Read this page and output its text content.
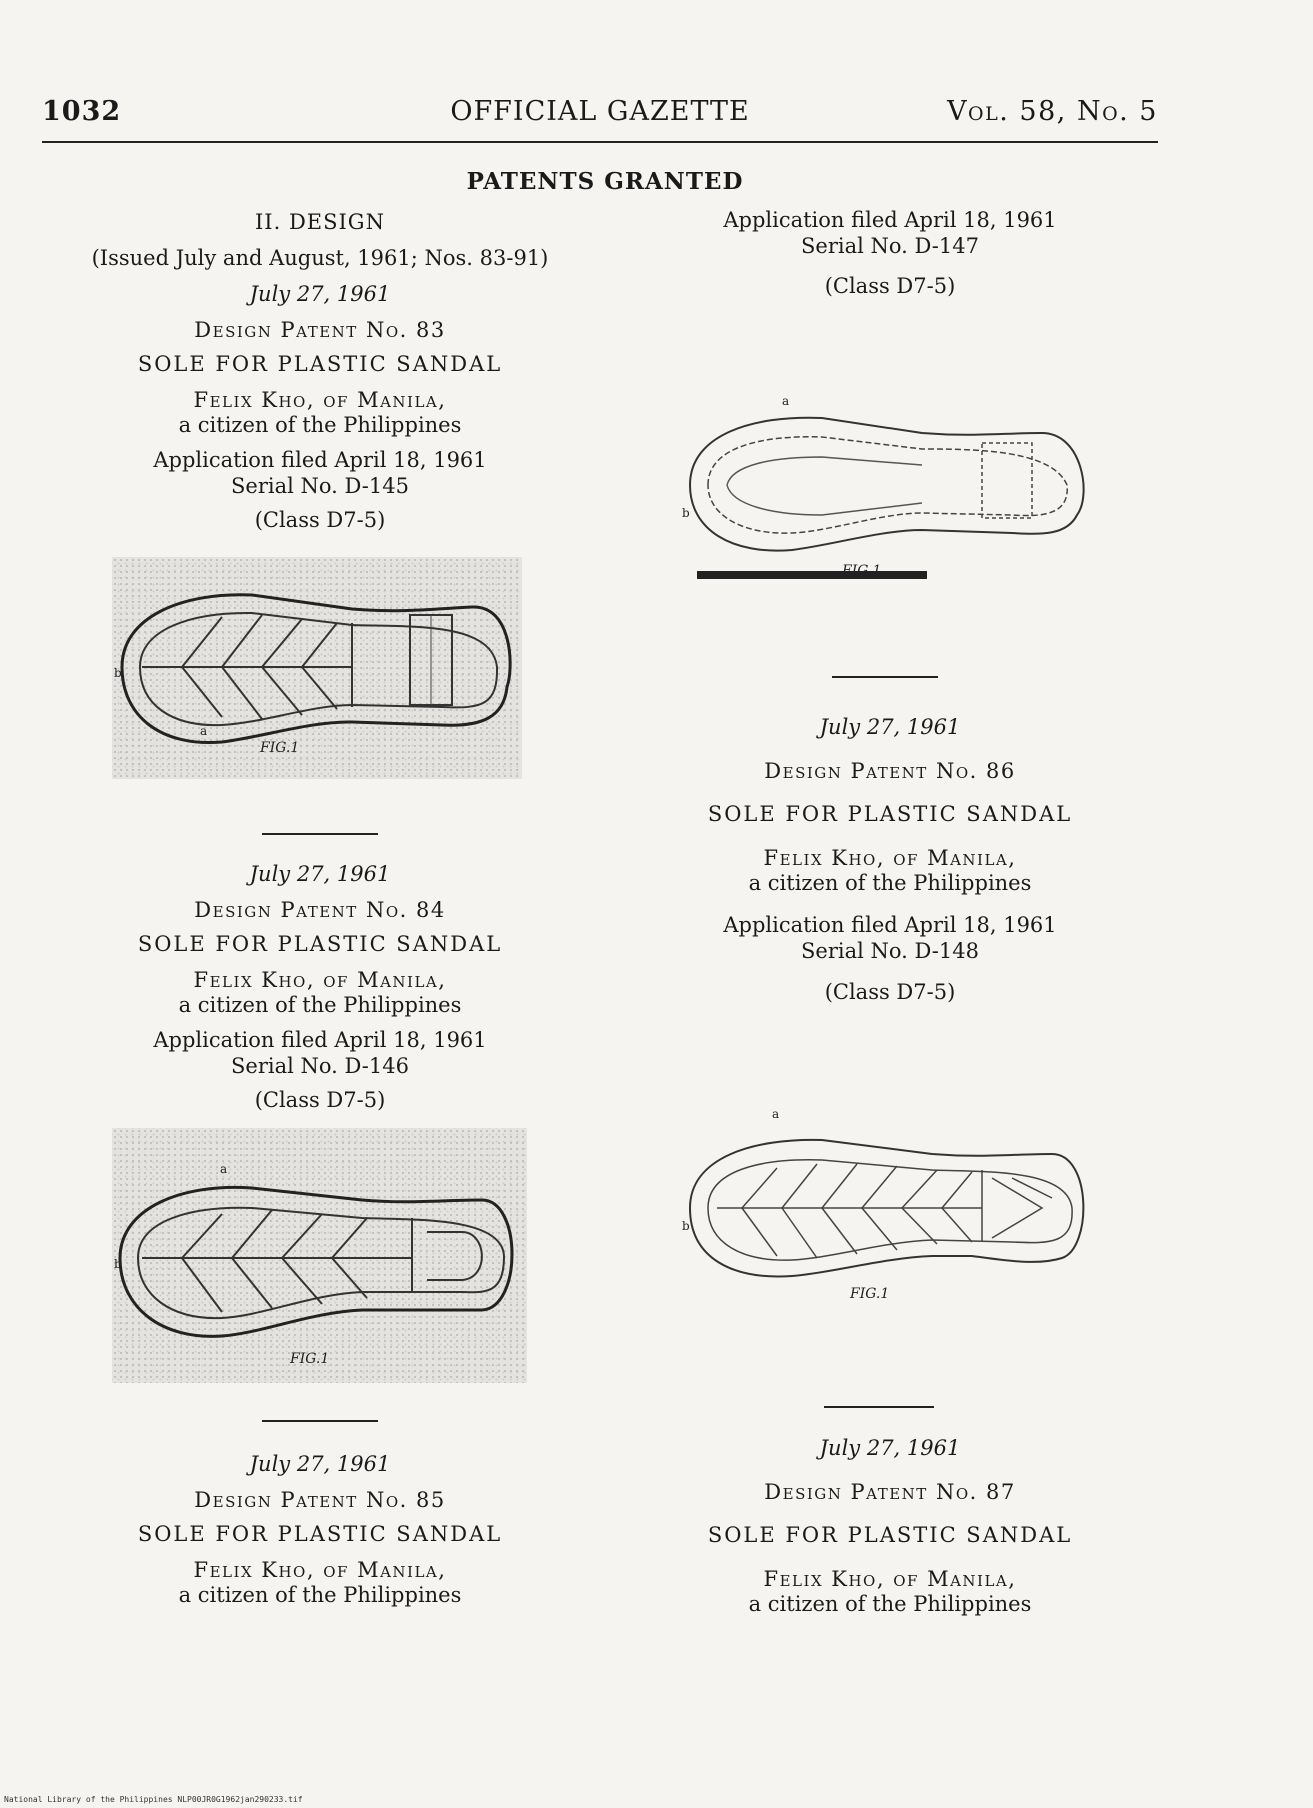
1032	OFFICIAL GAZETTE	Vol. 58, No. 5
PATENTS GRANTED
II. DESIGN
(Issued July and August, 1961; Nos. 83-91)
July 27, 1961
Design Patent No. 83
SOLE FOR PLASTIC SANDAL
Felix Kho, of Manila,
a citizen of the Philippines
Application filed April 18, 1961
Serial No. D-145
(Class D7-5)
FIG.1
a
b
July 27, 1961
Design Patent No. 84
SOLE FOR PLASTIC SANDAL
Felix Kho, of Manila,
a citizen of the Philippines
Application filed April 18, 1961
Serial No. D-146
(Class D7-5)
FIG.1
a
b
July 27, 1961
Design Patent No. 85
SOLE FOR PLASTIC SANDAL
Felix Kho, of Manila,
a citizen of the Philippines
Application filed April 18, 1961
Serial No. D-147
(Class D7-5)
FIG.1
a
b
July 27, 1961
Design Patent No. 86
SOLE FOR PLASTIC SANDAL
Felix Kho, of Manila,
a citizen of the Philippines
Application filed April 18, 1961
Serial No. D-148
(Class D7-5)
FIG.1
a
b
July 27, 1961
Design Patent No. 87
SOLE FOR PLASTIC SANDAL
Felix Kho, of Manila,
a citizen of the Philippines
National Library of the Philippines NLP00JR0G1962jan290233.tif
